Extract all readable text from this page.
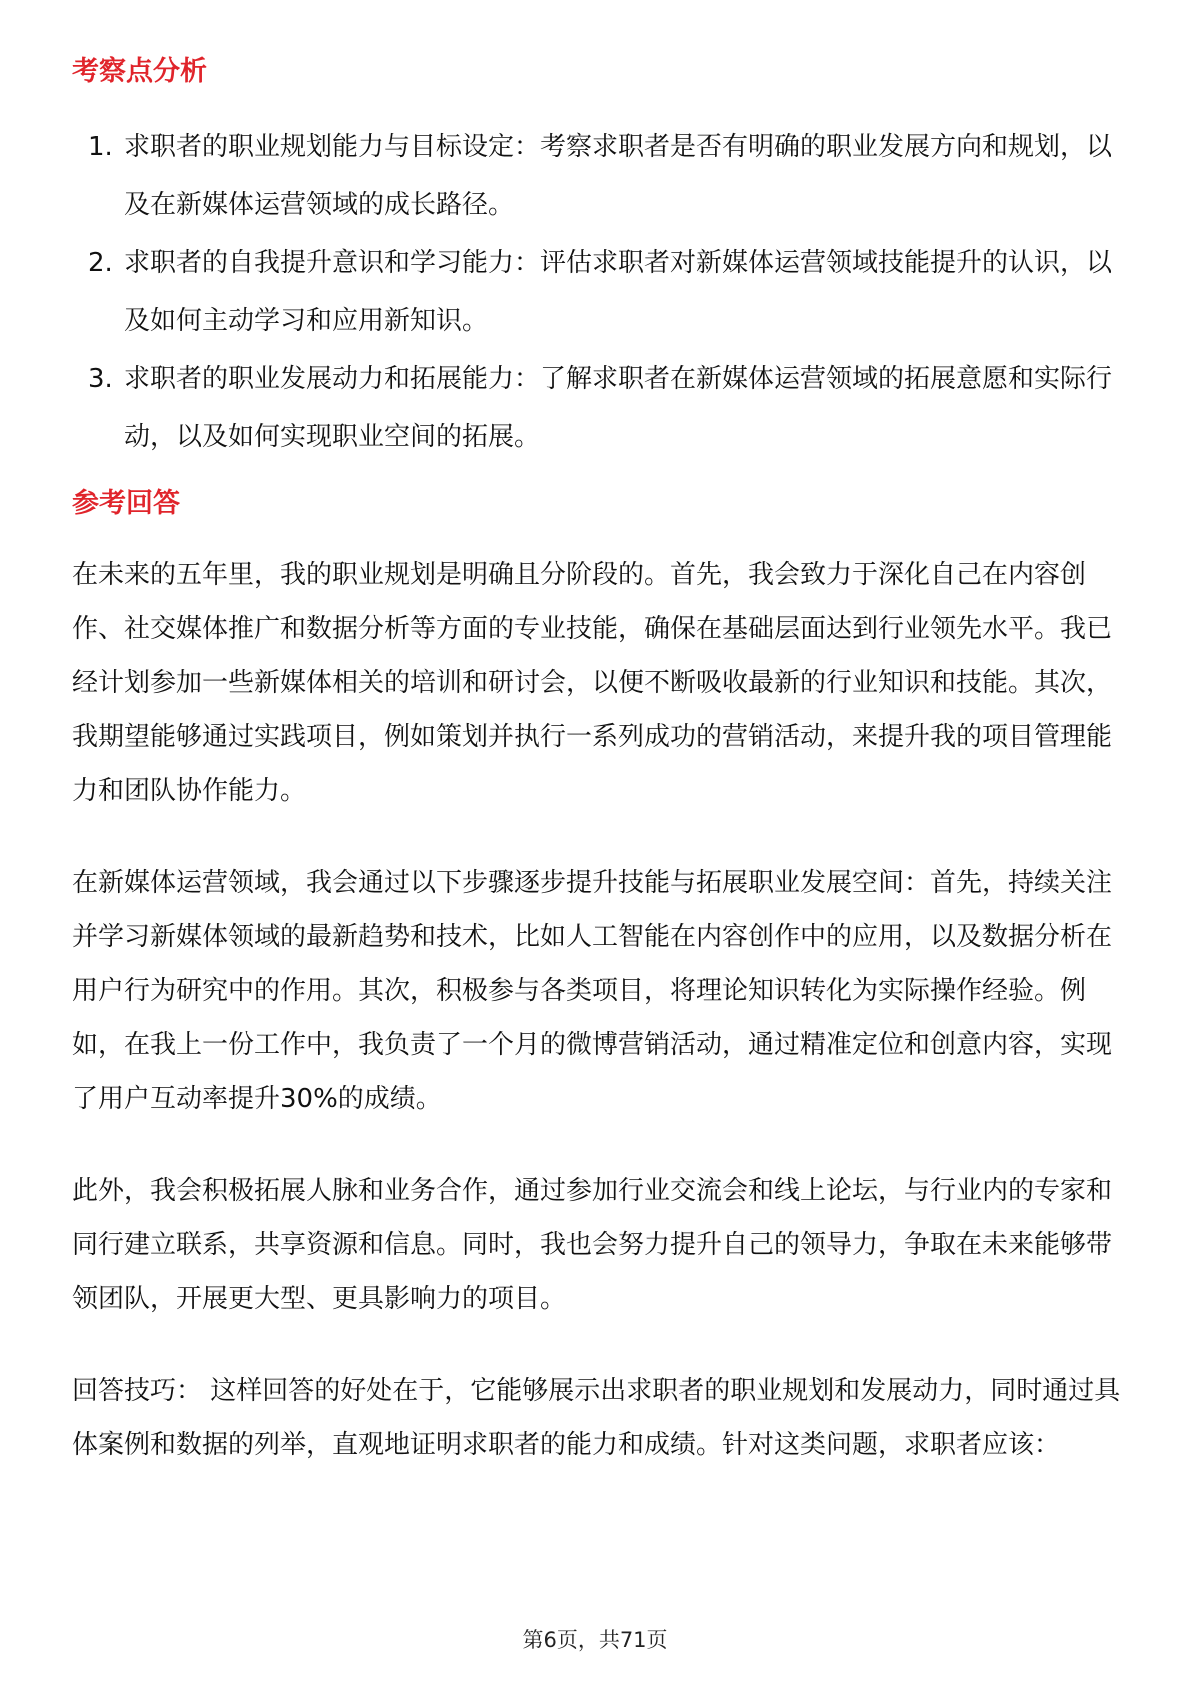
考察点分析
1. 求职者的职业规划能力与目标设定：考察求职者是否有明确的职业发展方向和规划，以及在新媒体运营领域的成长路径。
2. 求职者的自我提升意识和学习能力：评估求职者对新媒体运营领域技能提升的认识，以及如何主动学习和应用新知识。
3. 求职者的职业发展动力和拓展能力：了解求职者在新媒体运营领域的拓展意愿和实际行动，以及如何实现职业空间的拓展。
参考回答

在未来的五年里，我的职业规划是明确且分阶段的。首先，我会致力于深化自己在内容创作、社交媒体推广和数据分析等方面的专业技能，确保在基础层面达到行业领先水平。我已经计划参加一些新媒体相关的培训和研讨会，以便不断吸收最新的行业知识和技能。其次，我期望能够通过实践项目，例如策划并执行一系列成功的营销活动，来提升我的项目管理能力和团队协作能力。

在新媒体运营领域，我会通过以下步骤逐步提升技能与拓展职业发展空间：首先，持续关注并学习新媒体领域的最新趋势和技术，比如人工智能在内容创作中的应用，以及数据分析在用户行为研究中的作用。其次，积极参与各类项目，将理论知识转化为实际操作经验。例如，在我上一份工作中，我负责了一个月的微博营销活动，通过精准定位和创意内容，实现了用户互动率提升30%的成绩。

此外，我会积极拓展人脉和业务合作，通过参加行业交流会和线上论坛，与行业内的专家和同行建立联系，共享资源和信息。同时，我也会努力提升自己的领导力，争取在未来能够带领团队，开展更大型、更具影响力的项目。

回答技巧： 这样回答的好处在于，它能够展示出求职者的职业规划和发展动力，同时通过具体案例和数据的列举，直观地证明求职者的能力和成绩。针对这类问题，求职者应该：

第6页，共71页
